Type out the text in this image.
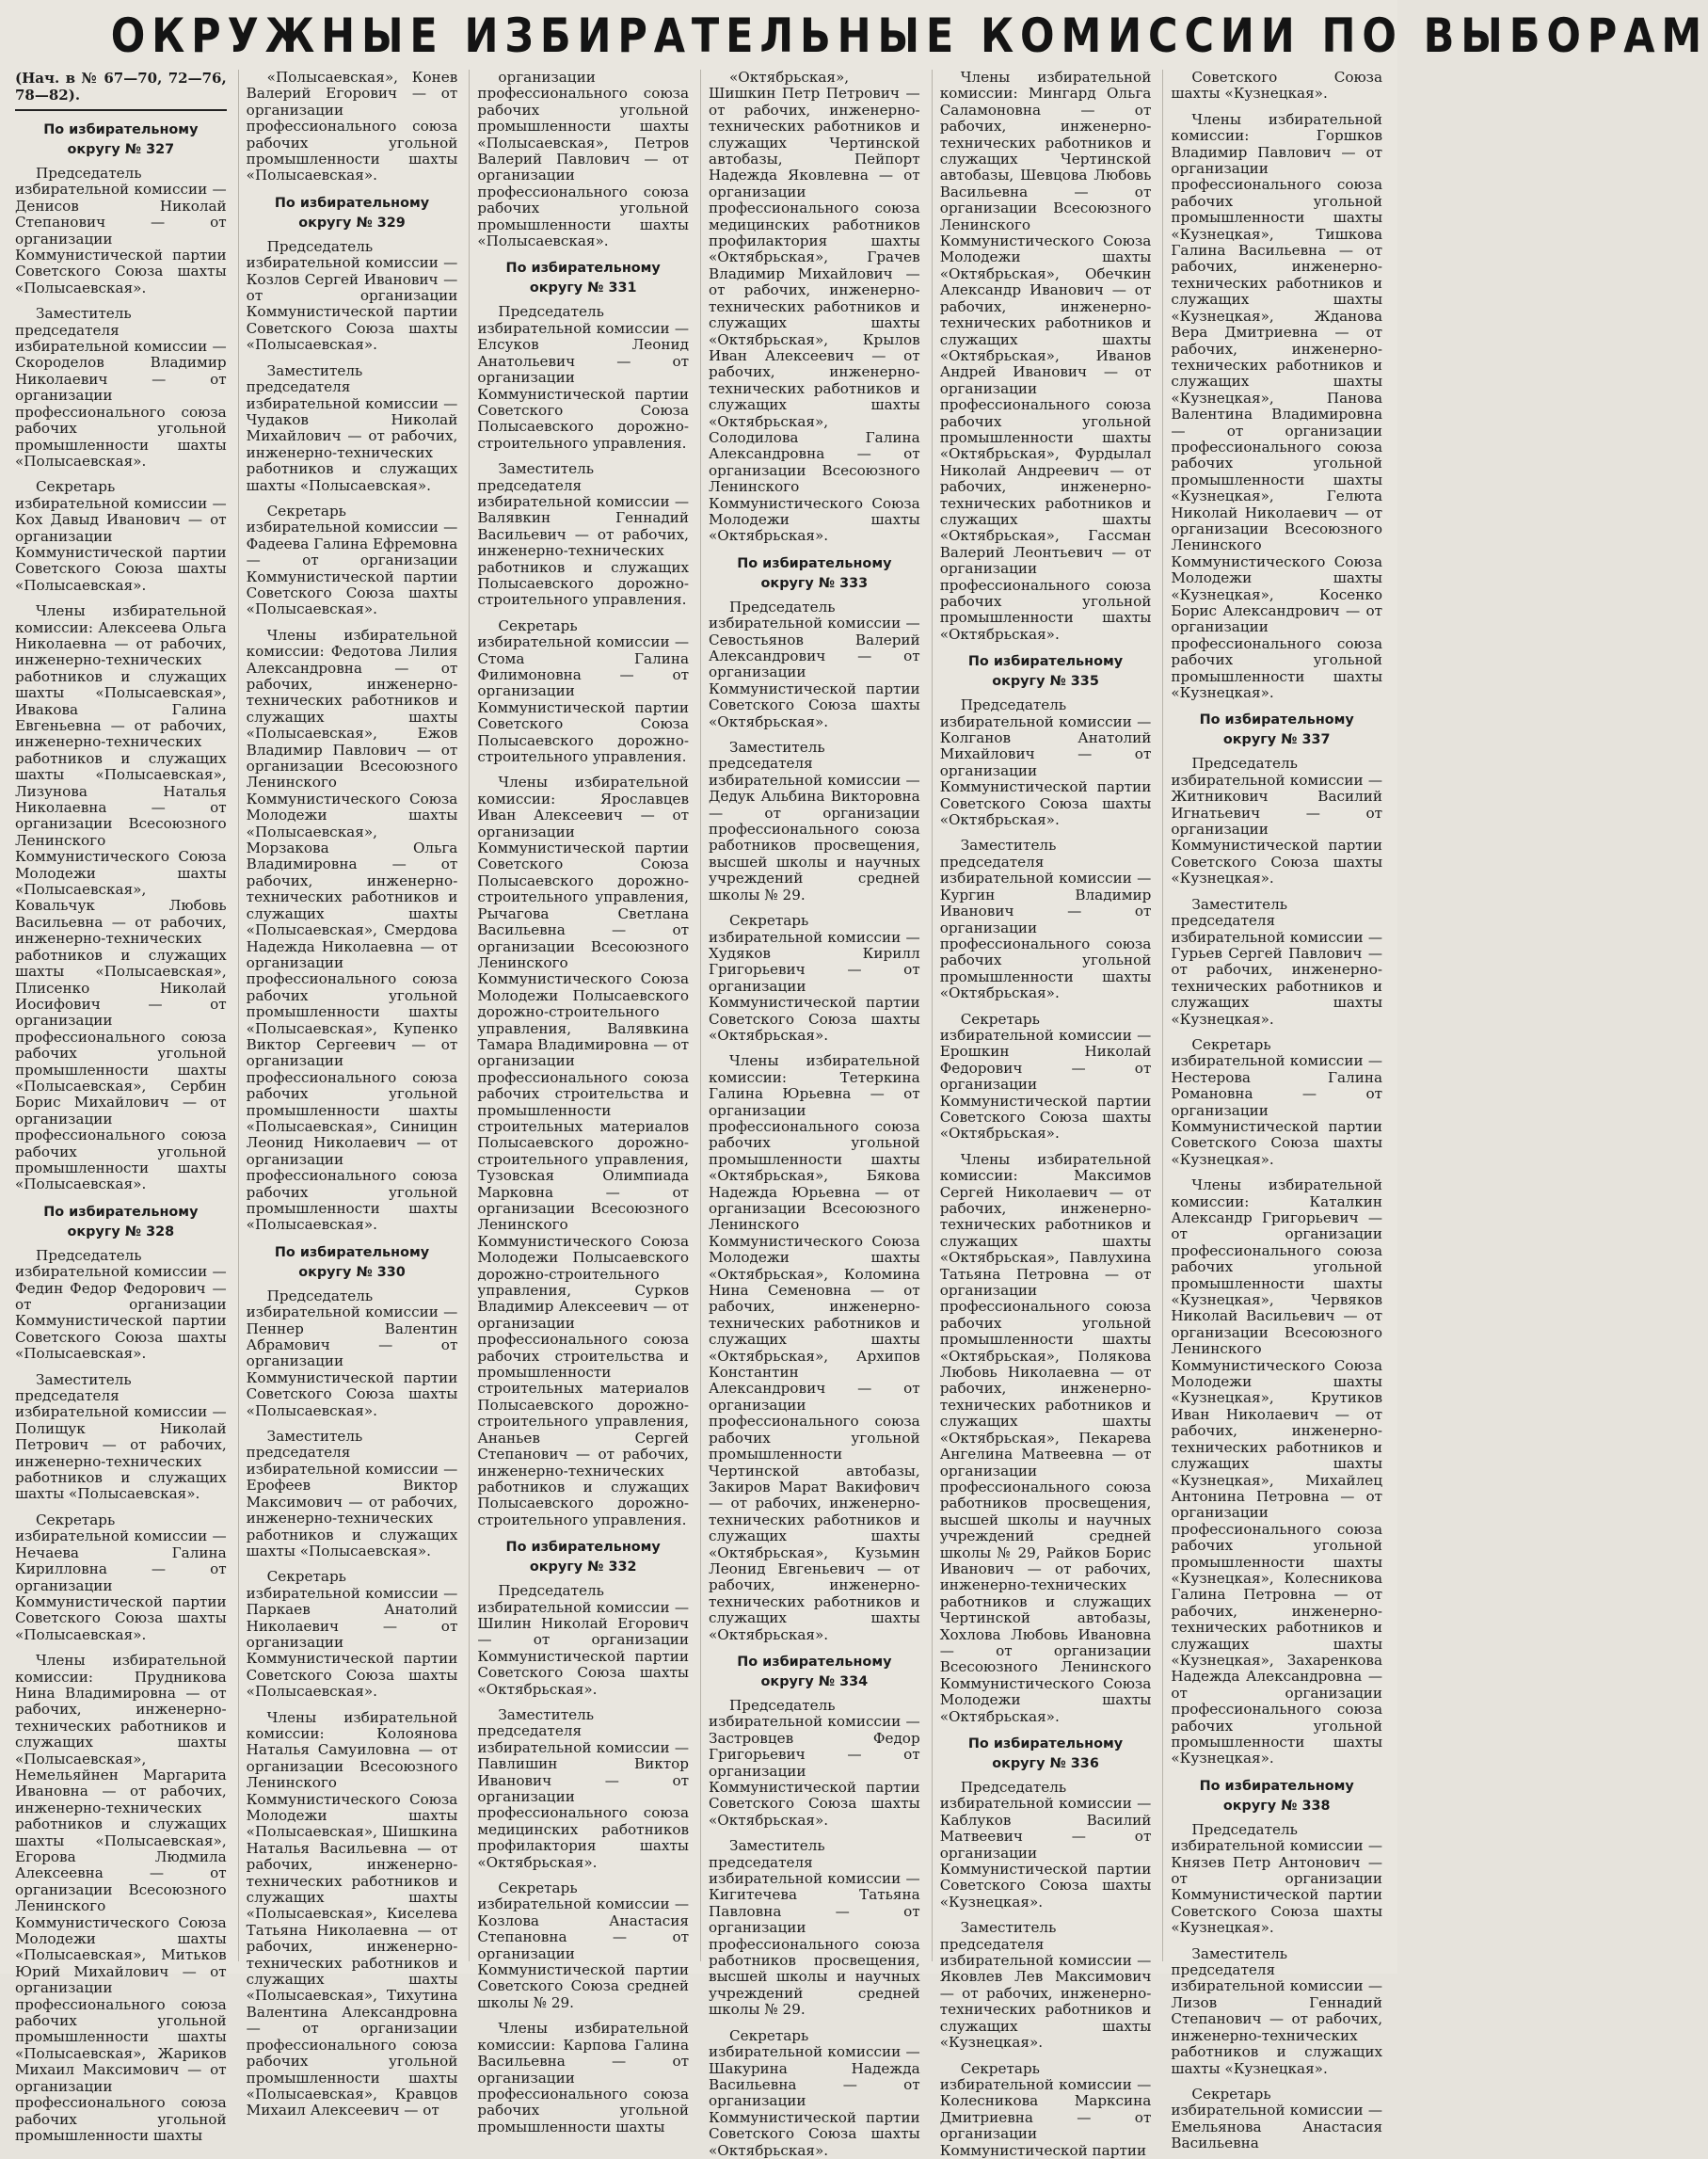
ОКРУЖНЫЕ ИЗБИРАТЕЛЬНЫЕ КОМИССИИ ПО ВЫБОРАМ
(Нач. в № 67—70, 72—76, 78—82).
По избирательному округу № 327
Председатель избирательной комиссии — Денисов Николай Степанович — от организации Коммунистической партии Советского Союза шахты «Полысаевская».
Заместитель председателя избирательной комиссии — Скороделов Владимир Николаевич — от организации профессионального союза рабочих угольной промышленности шахты «Полысаевская».
Секретарь избирательной комиссии — Кох Давыд Иванович — от организации Коммунистической партии Советского Союза шахты «Полысаевская».
Члены избирательной комиссии: Алексеева Ольга Николаевна — от рабочих, инженерно-технических работников и служащих шахты «Полысаевская», Ивакова Галина Евгеньевна — от рабочих, инженерно-технических работников и служащих шахты «Полысаевская», Лизунова Наталья Николаевна — от организации Всесоюзного Ленинского Коммунистического Союза Молодежи шахты «Полысаевская», Ковальчук Любовь Васильевна — от рабочих, инженерно-технических работников и служащих шахты «Полысаевская», Плисенко Николай Иосифович — от организации профессионального союза рабочих угольной промышленности шахты «Полысаевская», Сербин Борис Михайлович — от организации профессионального союза рабочих угольной промышленности шахты «Полысаевская».
По избирательному округу № 328
Председатель избирательной комиссии — Федин Федор Федорович — от организации Коммунистической партии Советского Союза шахты «Полысаевская».
Заместитель председателя избирательной комиссии — Полищук Николай Петрович — от рабочих, инженерно-технических работников и служащих шахты «Полысаевская».
Секретарь избирательной комиссии — Нечаева Галина Кирилловна — от организации Коммунистической партии Советского Союза шахты «Полысаевская».
Члены избирательной комиссии: Прудникова Нина Владимировна — от рабочих, инженерно-технических работников и служащих шахты «Полысаевская», Немельяйнен Маргарита Ивановна — от рабочих, инженерно-технических работников и служащих шахты «Полысаевская», Егорова Людмила Алексеевна — от организации Всесоюзного Ленинского Коммунистического Союза Молодежи шахты «Полысаевская», Митьков Юрий Михайлович — от организации профессионального союза рабочих угольной промышленности шахты «Полысаевская», Жариков Михаил Максимович — от организации профессионального союза рабочих угольной промышленности шахты
«Полысаевская», Конев Валерий Егорович — от организации профессионального союза рабочих угольной промышленности шахты «Полысаевская».
По избирательному округу № 329
Председатель избирательной комиссии — Козлов Сергей Иванович — от организации Коммунистической партии Советского Союза шахты «Полысаевская».
Заместитель председателя избирательной комиссии — Чудаков Николай Михайлович — от рабочих, инженерно-технических работников и служащих шахты «Полысаевская».
Секретарь избирательной комиссии — Фадеева Галина Ефремовна — от организации Коммунистической партии Советского Союза шахты «Полысаевская».
Члены избирательной комиссии: Федотова Лилия Александровна — от рабочих, инженерно-технических работников и служащих шахты «Полысаевская», Ежов Владимир Павлович — от организации Всесоюзного Ленинского Коммунистического Союза Молодежи шахты «Полысаевская», Морзакова Ольга Владимировна — от рабочих, инженерно-технических работников и служащих шахты «Полысаевская», Смердова Надежда Николаевна — от организации профессионального союза рабочих угольной промышленности шахты «Полысаевская», Купенко Виктор Сергеевич — от организации профессионального союза рабочих угольной промышленности шахты «Полысаевская», Синицин Леонид Николаевич — от организации профессионального союза рабочих угольной промышленности шахты «Полысаевская».
По избирательному округу № 330
Председатель избирательной комиссии — Пеннер Валентин Абрамович — от организации Коммунистической партии Советского Союза шахты «Полысаевская».
Заместитель председателя избирательной комиссии — Ерофеев Виктор Максимович — от рабочих, инженерно-технических работников и служащих шахты «Полысаевская».
Секретарь избирательной комиссии — Паркаев Анатолий Николаевич — от организации Коммунистической партии Советского Союза шахты «Полысаевская».
Члены избирательной комиссии: Колоянова Наталья Самуиловна — от организации Всесоюзного Ленинского Коммунистического Союза Молодежи шахты «Полысаевская», Шишкина Наталья Васильевна — от рабочих, инженерно-технических работников и служащих шахты «Полысаевская», Киселева Татьяна Николаевна — от рабочих, инженерно-технических работников и служащих шахты «Полысаевская», Тихутина Валентина Александровна — от организации профессионального союза рабочих угольной промышленности шахты «Полысаевская», Кравцов Михаил Алексеевич — от
организации профессионального союза рабочих угольной промышленности шахты «Полысаевская», Петров Валерий Павлович — от организации профессионального союза рабочих угольной промышленности шахты «Полысаевская».
По избирательному округу № 331
Председатель избирательной комиссии — Елсуков Леонид Анатольевич — от организации Коммунистической партии Советского Союза Полысаевского дорожно-строительного управления.
Заместитель председателя избирательной комиссии — Валявкин Геннадий Васильевич — от рабочих, инженерно-технических работников и служащих Полысаевского дорожно-строительного управления.
Секретарь избирательной комиссии — Стома Галина Филимоновна — от организации Коммунистической партии Советского Союза Полысаевского дорожно-строительного управления.
Члены избирательной комиссии: Ярославцев Иван Алексеевич — от организации Коммунистической партии Советского Союза Полысаевского дорожно-строительного управления, Рычагова Светлана Васильевна — от организации Всесоюзного Ленинского Коммунистического Союза Молодежи Полысаевского дорожно-строительного управления, Валявкина Тамара Владимировна — от организации профессионального союза рабочих строительства и промышленности строительных материалов Полысаевского дорожно-строительного управления, Тузовская Олимпиада Марковна — от организации Всесоюзного Ленинского Коммунистического Союза Молодежи Полысаевского дорожно-строительного управления, Сурков Владимир Алексеевич — от организации профессионального союза рабочих строительства и промышленности строительных материалов Полысаевского дорожно-строительного управления, Ананьев Сергей Степанович — от рабочих, инженерно-технических работников и служащих Полысаевского дорожно-строительного управления.
По избирательному округу № 332
Председатель избирательной комиссии — Шилин Николай Егорович — от организации Коммунистической партии Советского Союза шахты «Октябрьская».
Заместитель председателя избирательной комиссии — Павлишин Виктор Иванович — от организации профессионального союза медицинских работников профилактория шахты «Октябрьская».
Секретарь избирательной комиссии — Козлова Анастасия Степановна — от организации Коммунистической партии Советского Союза средней школы № 29.
Члены избирательной комиссии: Карпова Галина Васильевна — от организации профессионального союза рабочих угольной промышленности шахты
«Октябрьская», Шишкин Петр Петрович — от рабочих, инженерно-технических работников и служащих Чертинской автобазы, Пейпорт Надежда Яковлевна — от организации профессионального союза медицинских работников профилактория шахты «Октябрьская», Грачев Владимир Михайлович — от рабочих, инженерно-технических работников и служащих шахты «Октябрьская», Крылов Иван Алексеевич — от рабочих, инженерно-технических работников и служащих шахты «Октябрьская», Солодилова Галина Александровна — от организации Всесоюзного Ленинского Коммунистического Союза Молодежи шахты «Октябрьская».
По избирательному округу № 333
Председатель избирательной комиссии — Севостьянов Валерий Александрович — от организации Коммунистической партии Советского Союза шахты «Октябрьская».
Заместитель председателя избирательной комиссии — Дедук Альбина Викторовна — от организации профессионального союза работников просвещения, высшей школы и научных учреждений средней школы № 29.
Секретарь избирательной комиссии — Худяков Кирилл Григорьевич — от организации Коммунистической партии Советского Союза шахты «Октябрьская».
Члены избирательной комиссии: Тетеркина Галина Юрьевна — от организации профессионального союза рабочих угольной промышленности шахты «Октябрьская», Бякова Надежда Юрьевна — от организации Всесоюзного Ленинского Коммунистического Союза Молодежи шахты «Октябрьская», Коломина Нина Семеновна — от рабочих, инженерно-технических работников и служащих шахты «Октябрьская», Архипов Константин Александрович — от организации профессионального союза рабочих угольной промышленности Чертинской автобазы, Закиров Марат Вакифович — от рабочих, инженерно-технических работников и служащих шахты «Октябрьская», Кузьмин Леонид Евгеньевич — от рабочих, инженерно-технических работников и служащих шахты «Октябрьская».
По избирательному округу № 334
Председатель избирательной комиссии — Застровцев Федор Григорьевич — от организации Коммунистической партии Советского Союза шахты «Октябрьская».
Заместитель председателя избирательной комиссии — Кигитечева Татьяна Павловна — от организации профессионального союза работников просвещения, высшей школы и научных учреждений средней школы № 29.
Секретарь избирательной комиссии — Шакурина Надежда Васильевна — от организации Коммунистической партии Советского Союза шахты «Октябрьская».
Члены избирательной комиссии: Мингард Ольга Саламоновна — от рабочих, инженерно-технических работников и служащих Чертинской автобазы, Шевцова Любовь Васильевна — от организации Всесоюзного Ленинского Коммунистического Союза Молодежи шахты «Октябрьская», Обечкин Александр Иванович — от рабочих, инженерно-технических работников и служащих шахты «Октябрьская», Иванов Андрей Иванович — от организации профессионального союза рабочих угольной промышленности шахты «Октябрьская», Фурдылал Николай Андреевич — от рабочих, инженерно-технических работников и служащих шахты «Октябрьская», Гассман Валерий Леонтьевич — от организации профессионального союза рабочих угольной промышленности шахты «Октябрьская».
По избирательному округу № 335
Председатель избирательной комиссии — Колганов Анатолий Михайлович — от организации Коммунистической партии Советского Союза шахты «Октябрьская».
Заместитель председателя избирательной комиссии — Кургин Владимир Иванович — от организации профессионального союза рабочих угольной промышленности шахты «Октябрьская».
Секретарь избирательной комиссии — Ерошкин Николай Федорович — от организации Коммунистической партии Советского Союза шахты «Октябрьская».
Члены избирательной комиссии: Максимов Сергей Николаевич — от рабочих, инженерно-технических работников и служащих шахты «Октябрьская», Павлухина Татьяна Петровна — от организации профессионального союза рабочих угольной промышленности шахты «Октябрьская», Полякова Любовь Николаевна — от рабочих, инженерно-технических работников и служащих шахты «Октябрьская», Пекарева Ангелина Матвеевна — от организации профессионального союза работников просвещения, высшей школы и научных учреждений средней школы № 29, Райков Борис Иванович — от рабочих, инженерно-технических работников и служащих Чертинской автобазы, Хохлова Любовь Ивановна — от организации Всесоюзного Ленинского Коммунистического Союза Молодежи шахты «Октябрьская».
По избирательному округу № 336
Председатель избирательной комиссии — Каблуков Василий Матвеевич — от организации Коммунистической партии Советского Союза шахты «Кузнецкая».
Заместитель председателя избирательной комиссии — Яковлев Лев Максимович — от рабочих, инженерно-технических работников и служащих шахты «Кузнецкая».
Секретарь избирательной комиссии — Колесникова Марксина Дмитриевна — от организации Коммунистической партии
Советского Союза шахты «Кузнецкая».
Члены избирательной комиссии: Горшков Владимир Павлович — от организации профессионального союза рабочих угольной промышленности шахты «Кузнецкая», Тишкова Галина Васильевна — от рабочих, инженерно-технических работников и служащих шахты «Кузнецкая», Жданова Вера Дмитриевна — от рабочих, инженерно-технических работников и служащих шахты «Кузнецкая», Панова Валентина Владимировна — от организации профессионального союза рабочих угольной промышленности шахты «Кузнецкая», Гелюта Николай Николаевич — от организации Всесоюзного Ленинского Коммунистического Союза Молодежи шахты «Кузнецкая», Косенко Борис Александрович — от организации профессионального союза рабочих угольной промышленности шахты «Кузнецкая».
По избирательному округу № 337
Председатель избирательной комиссии — Житникович Василий Игнатьевич — от организации Коммунистической партии Советского Союза шахты «Кузнецкая».
Заместитель председателя избирательной комиссии — Гурьев Сергей Павлович — от рабочих, инженерно-технических работников и служащих шахты «Кузнецкая».
Секретарь избирательной комиссии — Нестерова Галина Романовна — от организации Коммунистической партии Советского Союза шахты «Кузнецкая».
Члены избирательной комиссии: Каталкин Александр Григорьевич — от организации профессионального союза рабочих угольной промышленности шахты «Кузнецкая», Червяков Николай Васильевич — от организации Всесоюзного Ленинского Коммунистического Союза Молодежи шахты «Кузнецкая», Крутиков Иван Николаевич — от рабочих, инженерно-технических работников и служащих шахты «Кузнецкая», Михайлец Антонина Петровна — от организации профессионального союза рабочих угольной промышленности шахты «Кузнецкая», Колесникова Галина Петровна — от рабочих, инженерно-технических работников и служащих шахты «Кузнецкая», Захаренкова Надежда Александровна — от организации профессионального союза рабочих угольной промышленности шахты «Кузнецкая».
По избирательному округу № 338
Председатель избирательной комиссии — Князев Петр Антонович — от организации Коммунистической партии Советского Союза шахты «Кузнецкая».
Заместитель председателя избирательной комиссии — Лизов Геннадий Степанович — от рабочих, инженерно-технических работников и служащих шахты «Кузнецкая».
Секретарь избирательной комиссии — Емельянова Анастасия Васильевна
